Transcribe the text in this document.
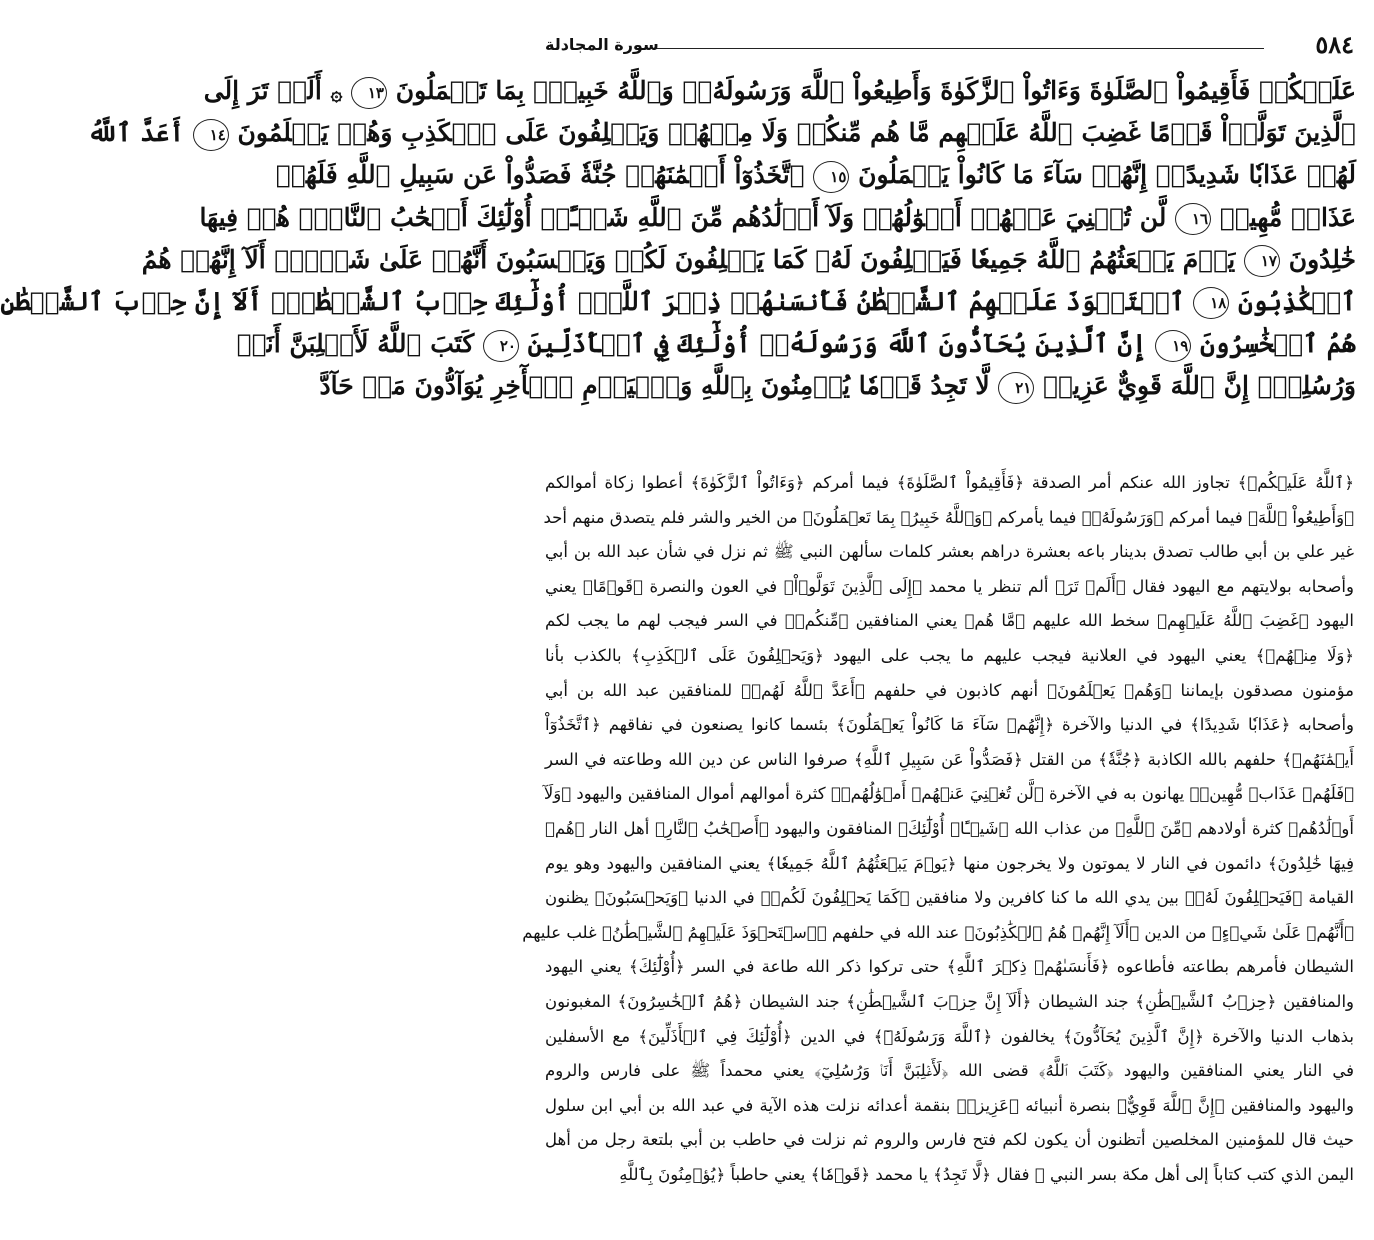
٥٨٤
سورة المجادلة
عَلَيۡكُمۡ فَأَقِيمُواْ ٱلصَّلَوٰةَ وَءَاتُواْ ٱلزَّكَوٰةَ وَأَطِيعُواْ ٱللَّهَ وَرَسُولَهُۥۚ وَٱللَّهُ خَبِيرُۢ بِمَا تَعۡمَلُونَ ١٣ ۞ أَلَمۡ تَرَ إِلَى
ٱلَّذِينَ تَوَلَّوۡاْ قَوۡمًا غَضِبَ ٱللَّهُ عَلَيۡهِم مَّا هُم مِّنكُمۡ وَلَا مِنۡهُمۡ وَيَحۡلِفُونَ عَلَى ٱلۡكَذِبِ وَهُمۡ يَعۡلَمُونَ ١٤ أَعَدَّ ٱللَّهُ
لَهُمۡ عَذَابٗا شَدِيدًاۖ إِنَّهُمۡ سَآءَ مَا كَانُواْ يَعۡمَلُونَ ١٥ ٱتَّخَذُوٓاْ أَيۡمَٰنَهُمۡ جُنَّةٗ فَصَدُّواْ عَن سَبِيلِ ٱللَّهِ فَلَهُمۡ
عَذَابٞ مُّهِينٞ ١٦ لَّن تُغۡنِيَ عَنۡهُمۡ أَمۡوَٰلُهُمۡ وَلَآ أَوۡلَٰدُهُم مِّنَ ٱللَّهِ شَيۡـًٔاۚ أُوْلَٰٓئِكَ أَصۡحَٰبُ ٱلنَّارِۖ هُمۡ فِيهَا
خَٰلِدُونَ ١٧ يَوۡمَ يَبۡعَثُهُمُ ٱللَّهُ جَمِيعٗا فَيَحۡلِفُونَ لَهُۥ كَمَا يَحۡلِفُونَ لَكُمۡ وَيَحۡسَبُونَ أَنَّهُمۡ عَلَىٰ شَيۡءٍۚ أَلَآ إِنَّهُمۡ هُمُ
ٱلۡكَٰذِبُونَ ١٨ ٱسۡتَحۡوَذَ عَلَيۡهِمُ ٱلشَّيۡطَٰنُ فَأَنسَىٰهُمۡ ذِكۡرَ ٱللَّهِۚ أُوْلَٰٓئِكَ حِزۡبُ ٱلشَّيۡطَٰنِۚ أَلَآ إِنَّ حِزۡبَ ٱلشَّيۡطَٰنِ
هُمُ ٱلۡخَٰسِرُونَ ١٩ إِنَّ ٱلَّذِينَ يُحَآدُّونَ ٱللَّهَ وَرَسُولَهُۥٓ أُوْلَٰٓئِكَ فِي ٱلۡأَذَلِّينَ ٢٠ كَتَبَ ٱللَّهُ لَأَغۡلِبَنَّ أَنَا۠
وَرُسُلِيٓۚ إِنَّ ٱللَّهَ قَوِيٌّ عَزِيزٞ ٢١ لَّا تَجِدُ قَوۡمٗا يُؤۡمِنُونَ بِٱللَّهِ وَٱلۡيَوۡمِ ٱلۡأٓخِرِ يُوَآدُّونَ مَنۡ حَآدَّ
﴿ٱللَّهُ عَلَيۡكُمۡ﴾ تجاوز الله عنكم أمر الصدقة ﴿فَأَقِيمُواْ ٱلصَّلَوٰةَ﴾ فيما أمركم ﴿وَءَاتُواْ ٱلزَّكَوٰةَ﴾ أعطوا زكاة أموالكم
﴿وَأَطِيعُواْ ٱللَّهَ﴾ فيما أمركم ﴿وَرَسُولَهُۥ﴾ فيما يأمركم ﴿وَٱللَّهُ خَبِيرُۢ بِمَا تَعۡمَلُونَ﴾ من الخير والشر فلم يتصدق منهم أحد
غير علي بن أبي طالب تصدق بدينار باعه بعشرة دراهم بعشر كلمات سألهن النبي ﷺ ثم نزل في شأن عبد الله بن أبي
وأصحابه بولايتهم مع اليهود فقال ﴿أَلَمۡ تَرَ﴾ ألم تنظر يا محمد ﴿إِلَى ٱلَّذِينَ تَوَلَّوۡاْ﴾ في العون والنصرة ﴿قَوۡمًا﴾ يعني
اليهود ﴿غَضِبَ ٱللَّهُ عَلَيۡهِم﴾ سخط الله عليهم ﴿مَّا هُم﴾ يعني المنافقين ﴿مِّنكُمۡ﴾ في السر فيجب لهم ما يجب لكم
﴿وَلَا مِنۡهُمۡ﴾ يعني اليهود في العلانية فيجب عليهم ما يجب على اليهود ﴿وَيَحۡلِفُونَ عَلَى ٱلۡكَذِبِ﴾ بالكذب بأنا
مؤمنون مصدقون بإيماننا ﴿وَهُمۡ يَعۡلَمُونَ﴾ أنهم كاذبون في حلفهم ﴿أَعَدَّ ٱللَّهُ لَهُمۡ﴾ للمنافقين عبد الله بن أبي
وأصحابه ﴿عَذَابٗا شَدِيدًا﴾ في الدنيا والآخرة ﴿إِنَّهُمۡ سَآءَ مَا كَانُواْ يَعۡمَلُونَ﴾ بئسما كانوا يصنعون في نفاقهم ﴿ٱتَّخَذُوٓاْ
أَيۡمَٰنَهُمۡ﴾ حلفهم بالله الكاذبة ﴿جُنَّةٗ﴾ من القتل ﴿فَصَدُّواْ عَن سَبِيلِ ٱللَّهِ﴾ صرفوا الناس عن دين الله وطاعته في السر
﴿فَلَهُمۡ عَذَابٞ مُّهِينٞ﴾ يهانون به في الآخرة ﴿لَّن تُغۡنِيَ عَنۡهُمۡ أَمۡوَٰلُهُمۡ﴾ كثرة أموالهم أموال المنافقين واليهود ﴿وَلَآ
أَوۡلَٰدُهُم﴾ كثرة أولادهم ﴿مِّنَ ٱللَّهِ﴾ من عذاب الله ﴿شَيۡـًٔاۚ أُوْلَٰٓئِكَ﴾ المنافقون واليهود ﴿أَصۡحَٰبُ ٱلنَّارِ﴾ أهل النار ﴿هُمۡ
فِيهَا خَٰلِدُونَ﴾ دائمون في النار لا يموتون ولا يخرجون منها ﴿يَوۡمَ يَبۡعَثُهُمُ ٱللَّهُ جَمِيعٗا﴾ يعني المنافقين واليهود وهو يوم
القيامة ﴿فَيَحۡلِفُونَ لَهُۥ﴾ بين يدي الله ما كنا كافرين ولا منافقين ﴿كَمَا يَحۡلِفُونَ لَكُمۡ﴾ في الدنيا ﴿وَيَحۡسَبُونَ﴾ يظنون
﴿أَنَّهُمۡ عَلَىٰ شَيۡءٍ﴾ من الدين ﴿أَلَآ إِنَّهُمۡ هُمُ ٱلۡكَٰذِبُونَ﴾ عند الله في حلفهم ﴿ٱسۡتَحۡوَذَ عَلَيۡهِمُ ٱلشَّيۡطَٰنُ﴾ غلب عليهم
الشيطان فأمرهم بطاعته فأطاعوه ﴿فَأَنسَىٰهُمۡ ذِكۡرَ ٱللَّهِ﴾ حتى تركوا ذكر الله طاعة في السر ﴿أُوْلَٰٓئِكَ﴾ يعني اليهود
والمنافقين ﴿حِزۡبُ ٱلشَّيۡطَٰنِ﴾ جند الشيطان ﴿أَلَآ إِنَّ حِزۡبَ ٱلشَّيۡطَٰنِ﴾ جند الشيطان ﴿هُمُ ٱلۡخَٰسِرُونَ﴾ المغبونون
بذهاب الدنيا والآخرة ﴿إِنَّ ٱلَّذِينَ يُحَآدُّونَ﴾ يخالفون ﴿ٱللَّهَ وَرَسُولَهُۥٓ﴾ في الدين ﴿أُوْلَٰٓئِكَ فِي ٱلۡأَذَلِّينَ﴾ مع الأسفلين
في النار يعني المنافقين واليهود ﴿كَتَبَ ٱللَّهُ﴾ قضى الله ﴿لَأَغۡلِبَنَّ أَنَا۠ وَرُسُلِيٓ﴾ يعني محمداً ﷺ على فارس والروم
واليهود والمنافقين ﴿إِنَّ ٱللَّهَ قَوِيٌّ﴾ بنصرة أنبيائه ﴿عَزِيزٞ﴾ بنقمة أعدائه نزلت هذه الآية في عبد الله بن أبي ابن سلول
حيث قال للمؤمنين المخلصين أتظنون أن يكون لكم فتح فارس والروم ثم نزلت في حاطب بن أبي بلتعة رجل من أهل
اليمن الذي كتب كتاباً إلى أهل مكة بسر النبي ﷺ فقال ﴿لَّا تَجِدُ﴾ يا محمد ﴿قَوۡمٗا﴾ يعني حاطباً ﴿يُؤۡمِنُونَ بِٱللَّهِ
